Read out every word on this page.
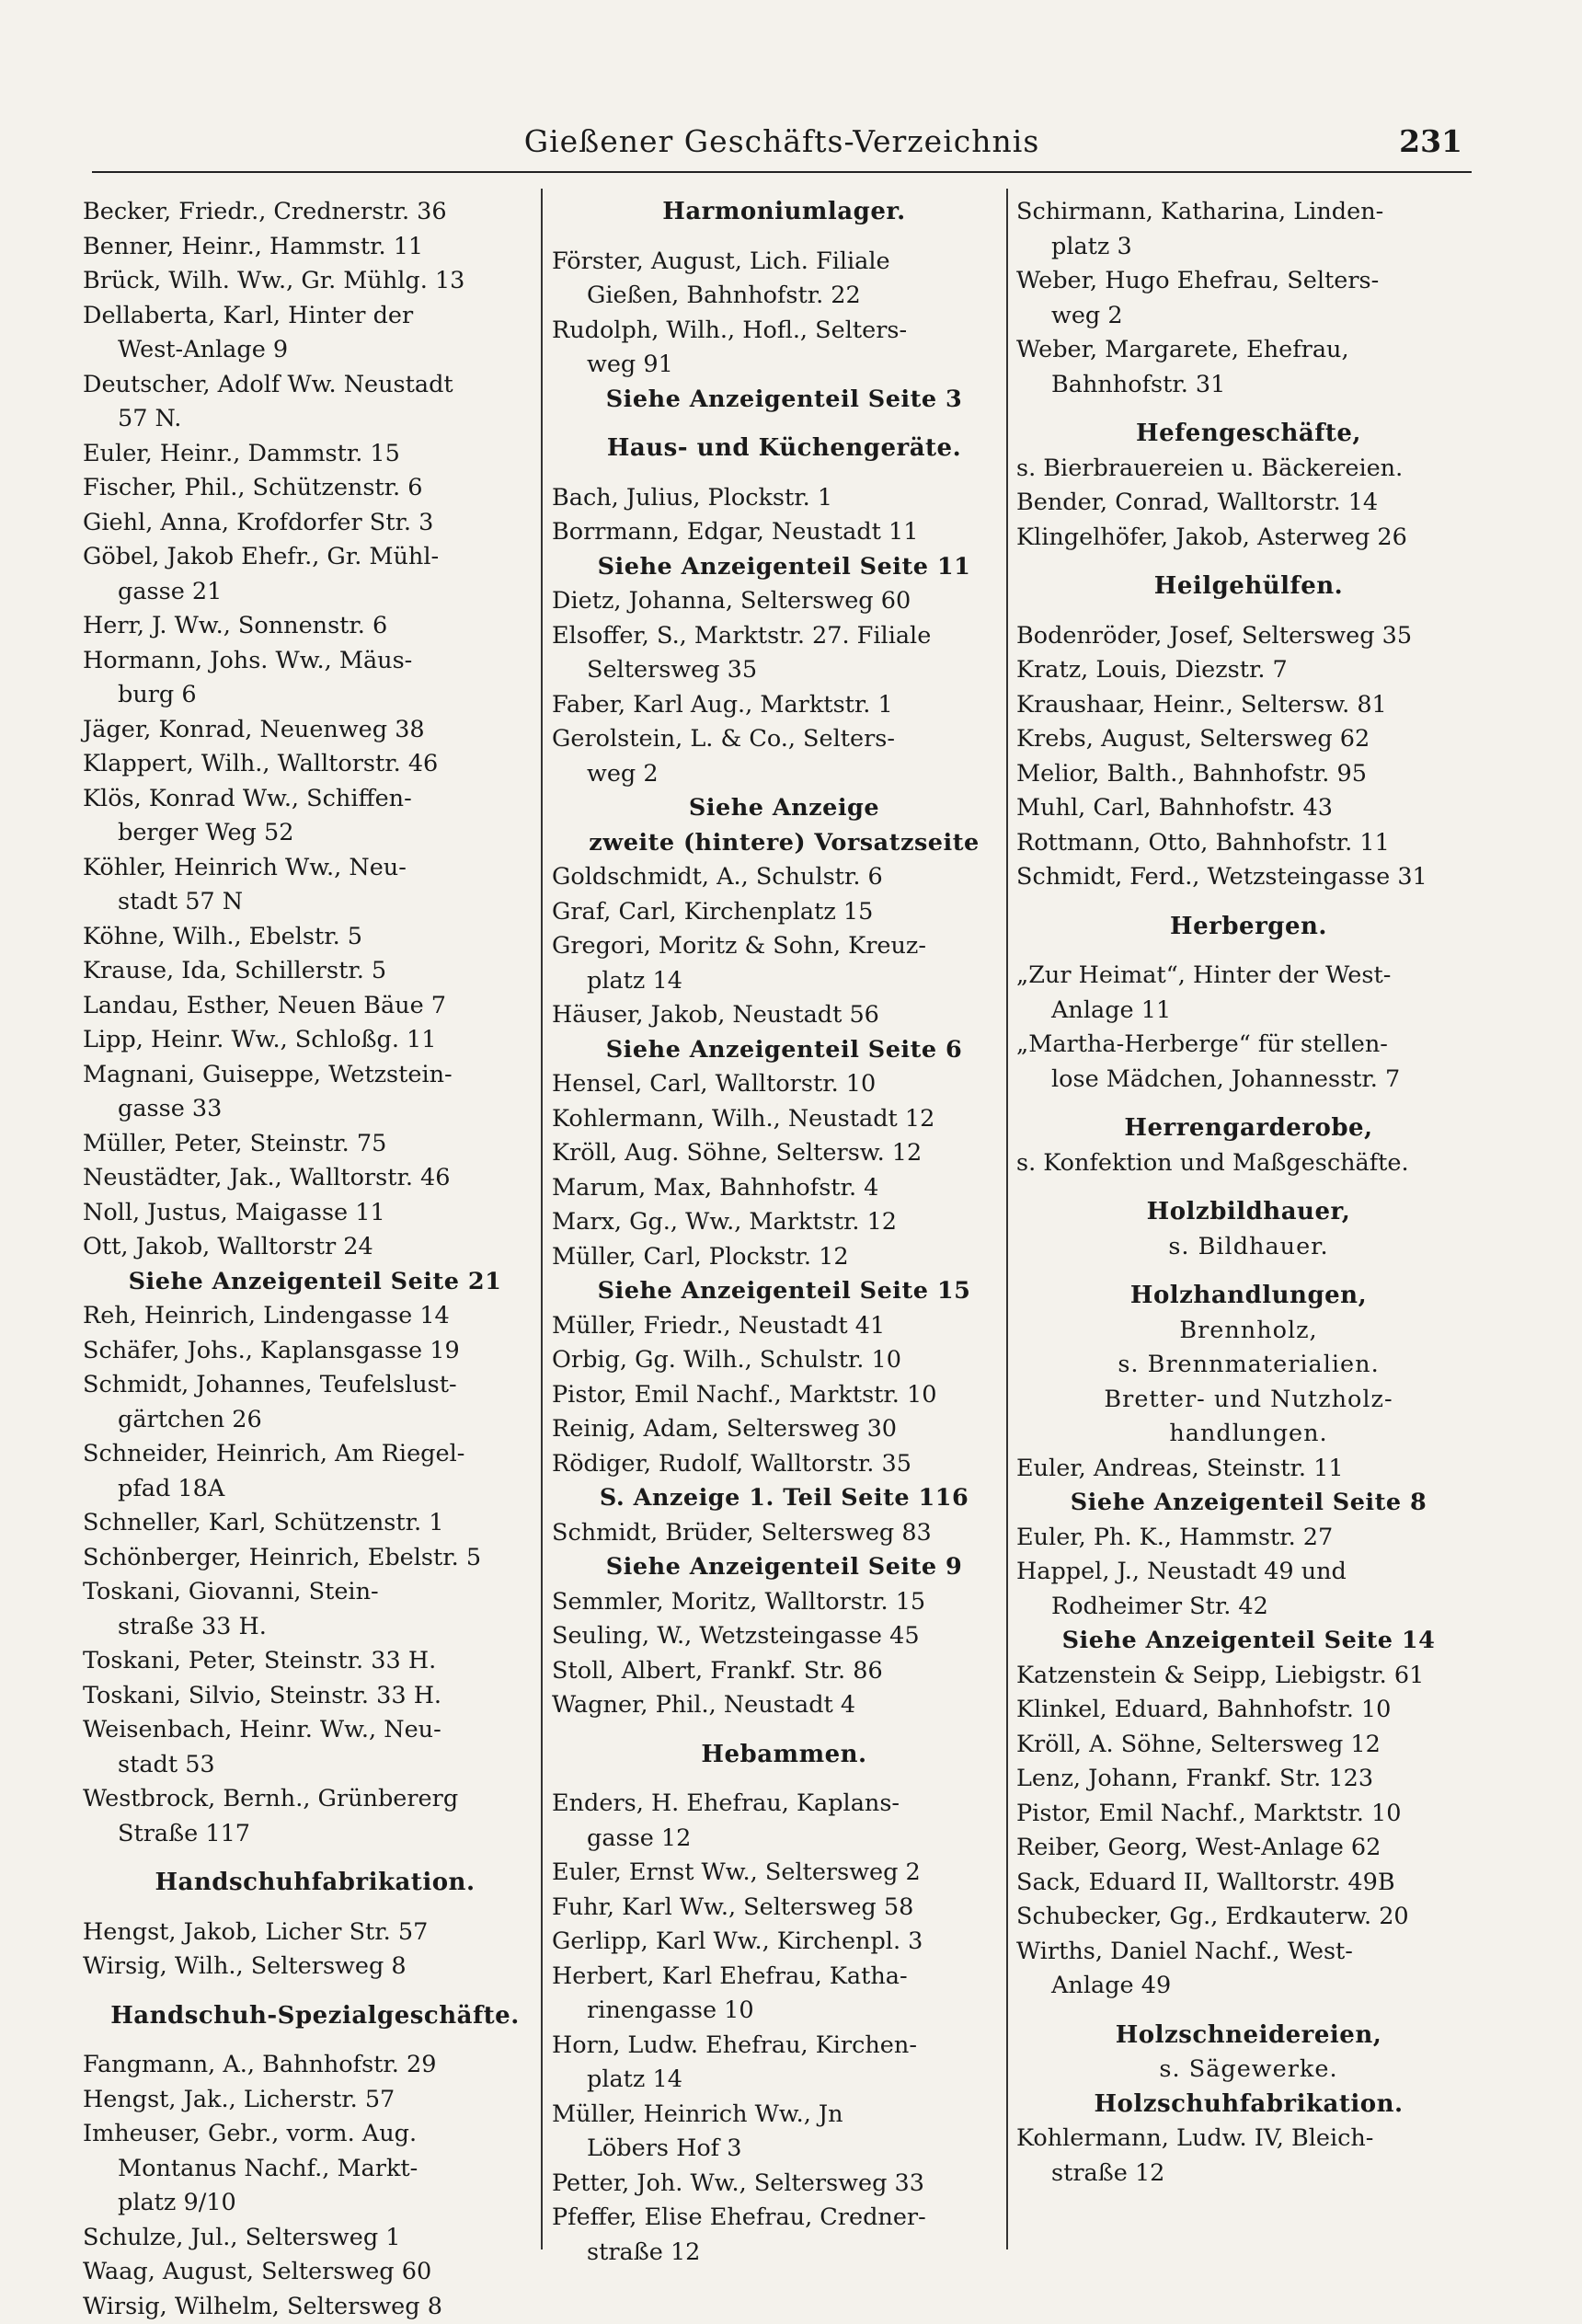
Gießener Geschäfts-Verzeichnis	231
Becker, Friedr., Crednerstr. 36
Benner, Heinr., Hammstr. 11
Brück, Wilh. Ww., Gr. Mühlg. 13
Dellaberta, Karl, Hinter der
West-Anlage 9
Deutscher, Adolf Ww. Neustadt
57 N.
Euler, Heinr., Dammstr. 15
Fischer, Phil., Schützenstr. 6
Giehl, Anna, Krofdorfer Str. 3
Göbel, Jakob Ehefr., Gr. Mühl-
gasse 21
Herr, J. Ww., Sonnenstr. 6
Hormann, Johs. Ww., Mäus-
burg 6
Jäger, Konrad, Neuenweg 38
Klappert, Wilh., Walltorstr. 46
Klös, Konrad Ww., Schiffen-
berger Weg 52
Köhler, Heinrich Ww., Neu-
stadt 57 N
Köhne, Wilh., Ebelstr. 5
Krause, Ida, Schillerstr. 5
Landau, Esther, Neuen Bäue 7
Lipp, Heinr. Ww., Schloßg. 11
Magnani, Guiseppe, Wetzstein-
gasse 33
Müller, Peter, Steinstr. 75
Neustädter, Jak., Walltorstr. 46
Noll, Justus, Maigasse 11
Ott, Jakob, Walltorstr 24
Siehe Anzeigenteil Seite 21
Reh, Heinrich, Lindengasse 14
Schäfer, Johs., Kaplansgasse 19
Schmidt, Johannes, Teufelslust-
gärtchen 26
Schneider, Heinrich, Am Riegel-
pfad 18A
Schneller, Karl, Schützenstr. 1
Schönberger, Heinrich, Ebelstr. 5
Toskani, Giovanni, Stein-
straße 33 H.
Toskani, Peter, Steinstr. 33 H.
Toskani, Silvio, Steinstr. 33 H.
Weisenbach, Heinr. Ww., Neu-
stadt 53
Westbrock, Bernh., Grünbererg
Straße 117
Handschuhfabrikation.
Hengst, Jakob, Licher Str. 57
Wirsig, Wilh., Seltersweg 8
Handschuh-Spezialgeschäfte.
Fangmann, A., Bahnhofstr. 29
Hengst, Jak., Licherstr. 57
Imheuser, Gebr., vorm. Aug.
Montanus Nachf., Markt-
platz 9/10
Schulze, Jul., Seltersweg 1
Waag, August, Seltersweg 60
Wirsig, Wilhelm, Seltersweg 8
Harmoniumlager.
Förster, August, Lich. Filiale
Gießen, Bahnhofstr. 22
Rudolph, Wilh., Hofl., Selters-
weg 91
Siehe Anzeigenteil Seite 3
Haus- und Küchengeräte.
Bach, Julius, Plockstr. 1
Borrmann, Edgar, Neustadt 11
Siehe Anzeigenteil Seite 11
Dietz, Johanna, Seltersweg 60
Elsoffer, S., Marktstr. 27. Filiale
Seltersweg 35
Faber, Karl Aug., Marktstr. 1
Gerolstein, L. & Co., Selters-
weg 2
Siehe Anzeige
zweite (hintere) Vorsatzseite
Goldschmidt, A., Schulstr. 6
Graf, Carl, Kirchenplatz 15
Gregori, Moritz & Sohn, Kreuz-
platz 14
Häuser, Jakob, Neustadt 56
Siehe Anzeigenteil Seite 6
Hensel, Carl, Walltorstr. 10
Kohlermann, Wilh., Neustadt 12
Kröll, Aug. Söhne, Seltersw. 12
Marum, Max, Bahnhofstr. 4
Marx, Gg., Ww., Marktstr. 12
Müller, Carl, Plockstr. 12
Siehe Anzeigenteil Seite 15
Müller, Friedr., Neustadt 41
Orbig, Gg. Wilh., Schulstr. 10
Pistor, Emil Nachf., Marktstr. 10
Reinig, Adam, Seltersweg 30
Rödiger, Rudolf, Walltorstr. 35
S. Anzeige 1. Teil Seite 116
Schmidt, Brüder, Seltersweg 83
Siehe Anzeigenteil Seite 9
Semmler, Moritz, Walltorstr. 15
Seuling, W., Wetzsteingasse 45
Stoll, Albert, Frankf. Str. 86
Wagner, Phil., Neustadt 4
Hebammen.
Enders, H. Ehefrau, Kaplans-
gasse 12
Euler, Ernst Ww., Seltersweg 2
Fuhr, Karl Ww., Seltersweg 58
Gerlipp, Karl Ww., Kirchenpl. 3
Herbert, Karl Ehefrau, Katha-
rinengasse 10
Horn, Ludw. Ehefrau, Kirchen-
platz 14
Müller, Heinrich Ww., Jn
Löbers Hof 3
Petter, Joh. Ww., Seltersweg 33
Pfeffer, Elise Ehefrau, Credner-
straße 12
Schirmann, Katharina, Linden-
platz 3
Weber, Hugo Ehefrau, Selters-
weg 2
Weber, Margarete, Ehefrau,
Bahnhofstr. 31
Hefengeschäfte,
s. Bierbrauereien u. Bäckereien.
Bender, Conrad, Walltorstr. 14
Klingelhöfer, Jakob, Asterweg 26
Heilgehülfen.
Bodenröder, Josef, Seltersweg 35
Kratz, Louis, Diezstr. 7
Kraushaar, Heinr., Seltersw. 81
Krebs, August, Seltersweg 62
Melior, Balth., Bahnhofstr. 95
Muhl, Carl, Bahnhofstr. 43
Rottmann, Otto, Bahnhofstr. 11
Schmidt, Ferd., Wetzsteingasse 31
Herbergen.
„Zur Heimat“, Hinter der West-
Anlage 11
„Martha-Herberge“ für stellen-
lose Mädchen, Johannesstr. 7
Herrengarderobe,
s. Konfektion und Maßgeschäfte.
Holzbildhauer,
s. Bildhauer.
Holzhandlungen,
Brennholz,
s. Brennmaterialien.
Bretter- und Nutzholz-
handlungen.
Euler, Andreas, Steinstr. 11
Siehe Anzeigenteil Seite 8
Euler, Ph. K., Hammstr. 27
Happel, J., Neustadt 49 und
Rodheimer Str. 42
Siehe Anzeigenteil Seite 14
Katzenstein & Seipp, Liebigstr. 61
Klinkel, Eduard, Bahnhofstr. 10
Kröll, A. Söhne, Seltersweg 12
Lenz, Johann, Frankf. Str. 123
Pistor, Emil Nachf., Marktstr. 10
Reiber, Georg, West-Anlage 62
Sack, Eduard II, Walltorstr. 49B
Schubecker, Gg., Erdkauterw. 20
Wirths, Daniel Nachf., West-
Anlage 49
Holzschneidereien,
s. Sägewerke.
Holzschuhfabrikation.
Kohlermann, Ludw. IV, Bleich-
straße 12
